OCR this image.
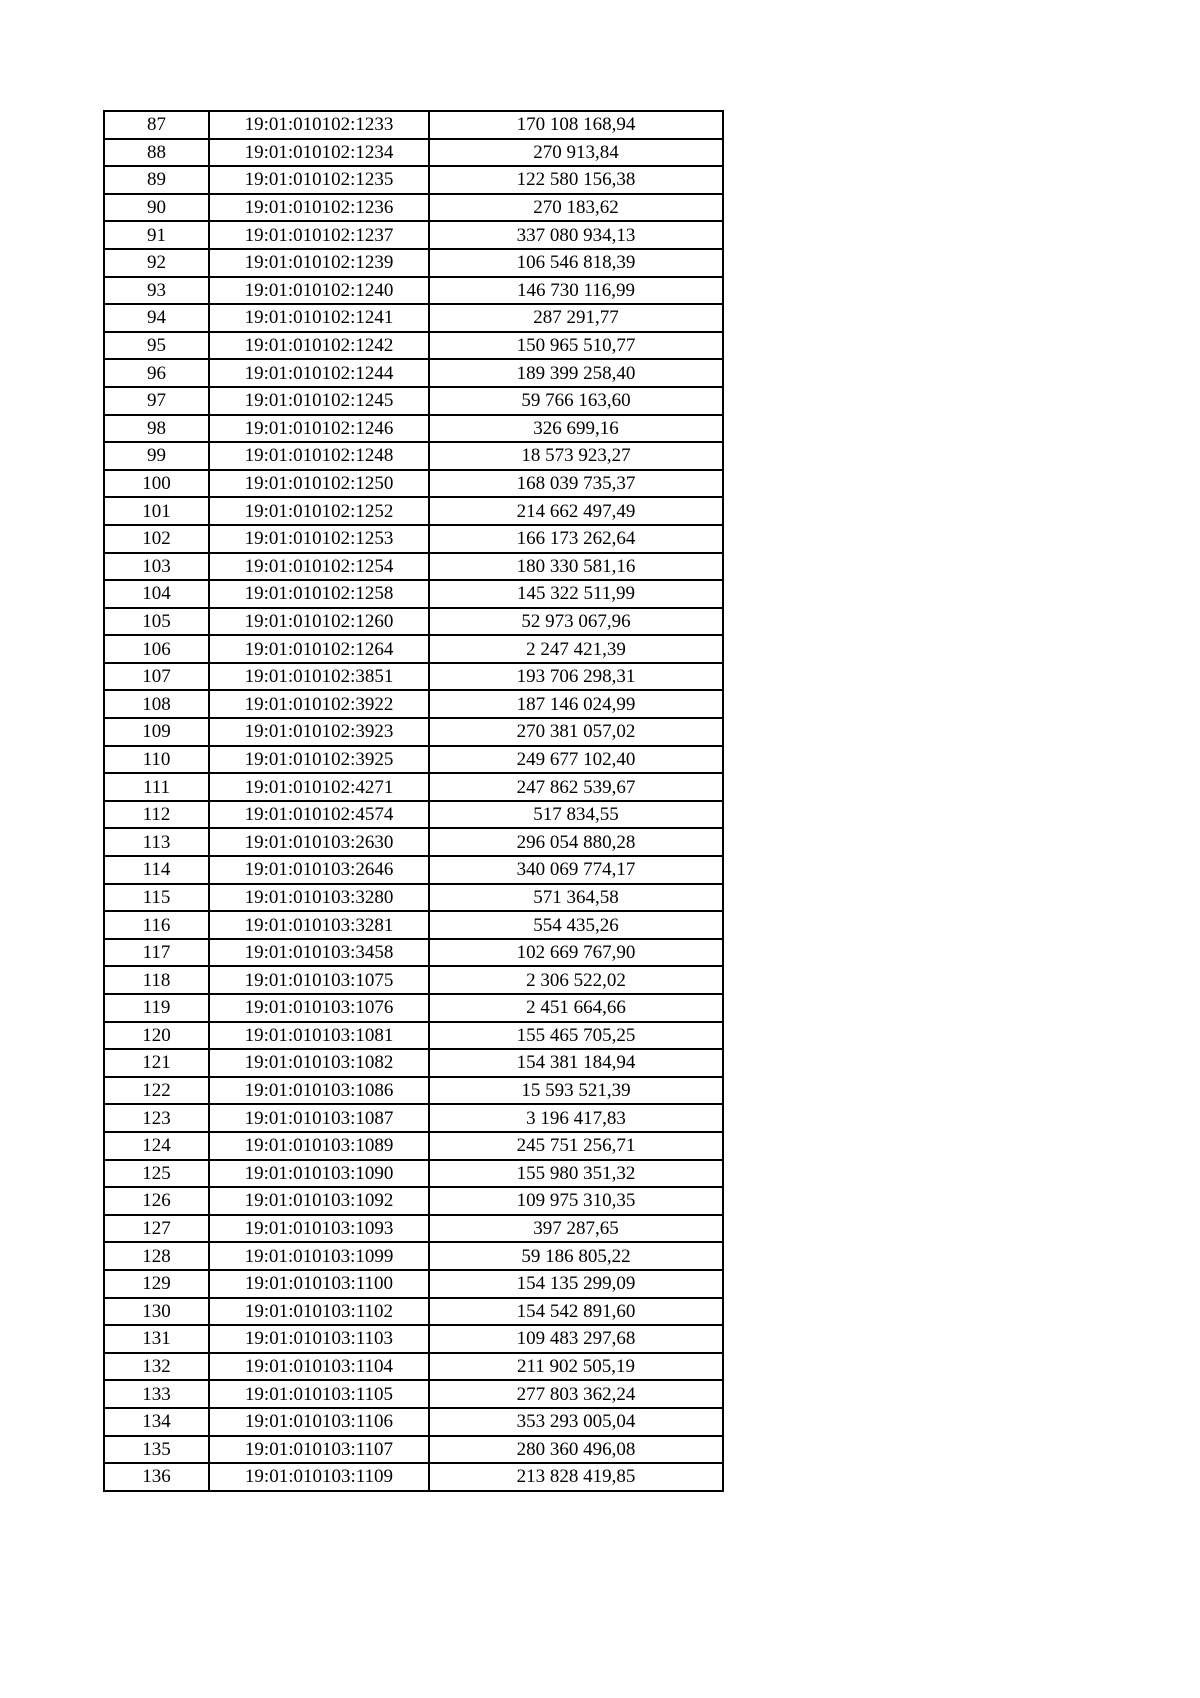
87	19:01:010102:1233	170 108 168,94
88	19:01:010102:1234	270 913,84
89	19:01:010102:1235	122 580 156,38
90	19:01:010102:1236	270 183,62
91	19:01:010102:1237	337 080 934,13
92	19:01:010102:1239	106 546 818,39
93	19:01:010102:1240	146 730 116,99
94	19:01:010102:1241	287 291,77
95	19:01:010102:1242	150 965 510,77
96	19:01:010102:1244	189 399 258,40
97	19:01:010102:1245	59 766 163,60
98	19:01:010102:1246	326 699,16
99	19:01:010102:1248	18 573 923,27
100	19:01:010102:1250	168 039 735,37
101	19:01:010102:1252	214 662 497,49
102	19:01:010102:1253	166 173 262,64
103	19:01:010102:1254	180 330 581,16
104	19:01:010102:1258	145 322 511,99
105	19:01:010102:1260	52 973 067,96
106	19:01:010102:1264	2 247 421,39
107	19:01:010102:3851	193 706 298,31
108	19:01:010102:3922	187 146 024,99
109	19:01:010102:3923	270 381 057,02
110	19:01:010102:3925	249 677 102,40
111	19:01:010102:4271	247 862 539,67
112	19:01:010102:4574	517 834,55
113	19:01:010103:2630	296 054 880,28
114	19:01:010103:2646	340 069 774,17
115	19:01:010103:3280	571 364,58
116	19:01:010103:3281	554 435,26
117	19:01:010103:3458	102 669 767,90
118	19:01:010103:1075	2 306 522,02
119	19:01:010103:1076	2 451 664,66
120	19:01:010103:1081	155 465 705,25
121	19:01:010103:1082	154 381 184,94
122	19:01:010103:1086	15 593 521,39
123	19:01:010103:1087	3 196 417,83
124	19:01:010103:1089	245 751 256,71
125	19:01:010103:1090	155 980 351,32
126	19:01:010103:1092	109 975 310,35
127	19:01:010103:1093	397 287,65
128	19:01:010103:1099	59 186 805,22
129	19:01:010103:1100	154 135 299,09
130	19:01:010103:1102	154 542 891,60
131	19:01:010103:1103	109 483 297,68
132	19:01:010103:1104	211 902 505,19
133	19:01:010103:1105	277 803 362,24
134	19:01:010103:1106	353 293 005,04
135	19:01:010103:1107	280 360 496,08
136	19:01:010103:1109	213 828 419,85
